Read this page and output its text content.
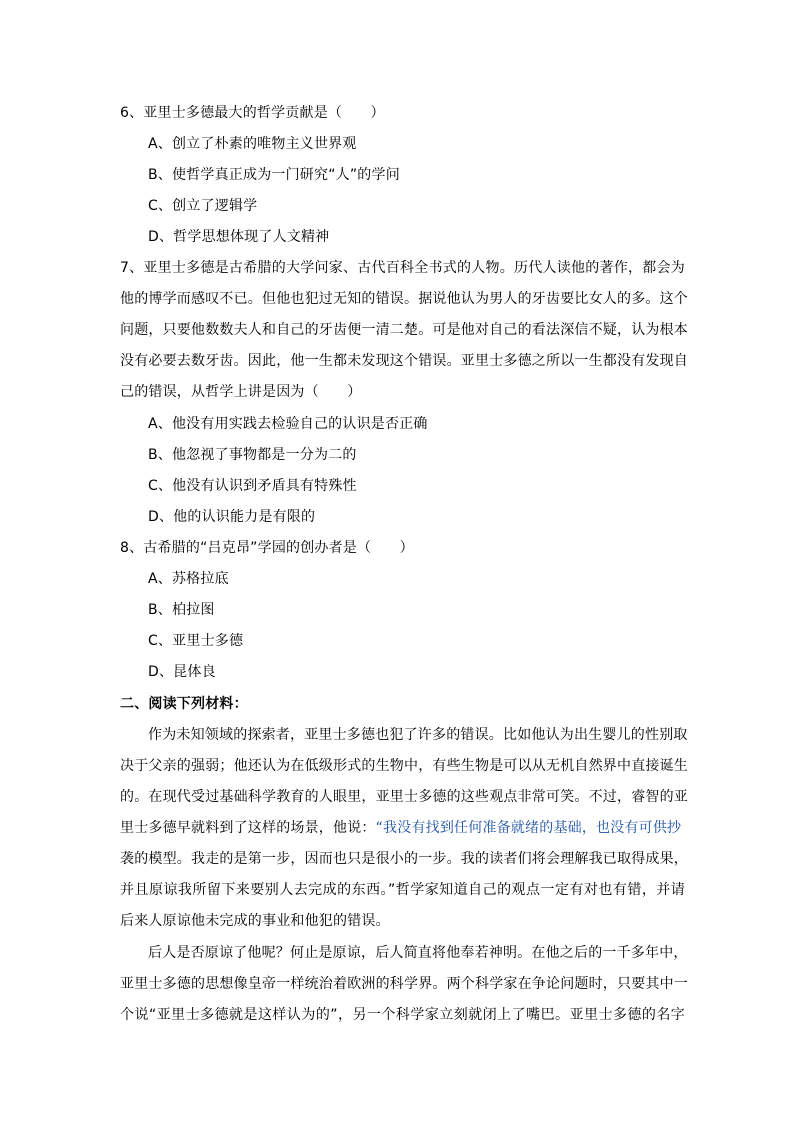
6、亚里士多德最大的哲学贡献是（　　）
A、创立了朴素的唯物主义世界观
B、使哲学真正成为一门研究“人”的学问
C、创立了逻辑学
D、哲学思想体现了人文精神
7、亚里士多德是古希腊的大学问家、古代百科全书式的人物。历代人读他的著作，都会为
他的博学而感叹不已。但他也犯过无知的错误。据说他认为男人的牙齿要比女人的多。这个
问题，只要他数数夫人和自己的牙齿便一清二楚。可是他对自己的看法深信不疑，认为根本
没有必要去数牙齿。因此，他一生都未发现这个错误。亚里士多德之所以一生都没有发现自
己的错误，从哲学上讲是因为（　　）
A、他没有用实践去检验自己的认识是否正确
B、他忽视了事物都是一分为二的
C、他没有认识到矛盾具有特殊性
D、他的认识能力是有限的
8、古希腊的“吕克昂”学园的创办者是（　　）
A、苏格拉底
B、柏拉图
C、亚里士多德
D、昆体良
二、阅读下列材料：
作为未知领域的探索者，亚里士多德也犯了许多的错误。比如他认为出生婴儿的性别取
决于父亲的强弱；他还认为在低级形式的生物中，有些生物是可以从无机自然界中直接诞生
的。在现代受过基础科学教育的人眼里，亚里士多德的这些观点非常可笑。不过，睿智的亚
里士多德早就料到了这样的场景，他说：“我没有找到任何准备就绪的基础，也没有可供抄
袭的模型。我走的是第一步，因而也只是很小的一步。我的读者们将会理解我已取得成果，
并且原谅我所留下来要别人去完成的东西。”哲学家知道自己的观点一定有对也有错，并请
后来人原谅他未完成的事业和他犯的错误。
后人是否原谅了他呢？何止是原谅，后人简直将他奉若神明。在他之后的一千多年中，
亚里士多德的思想像皇帝一样统治着欧洲的科学界。两个科学家在争论问题时，只要其中一
个说“亚里士多德就是这样认为的”，另一个科学家立刻就闭上了嘴巴。亚里士多德的名字
